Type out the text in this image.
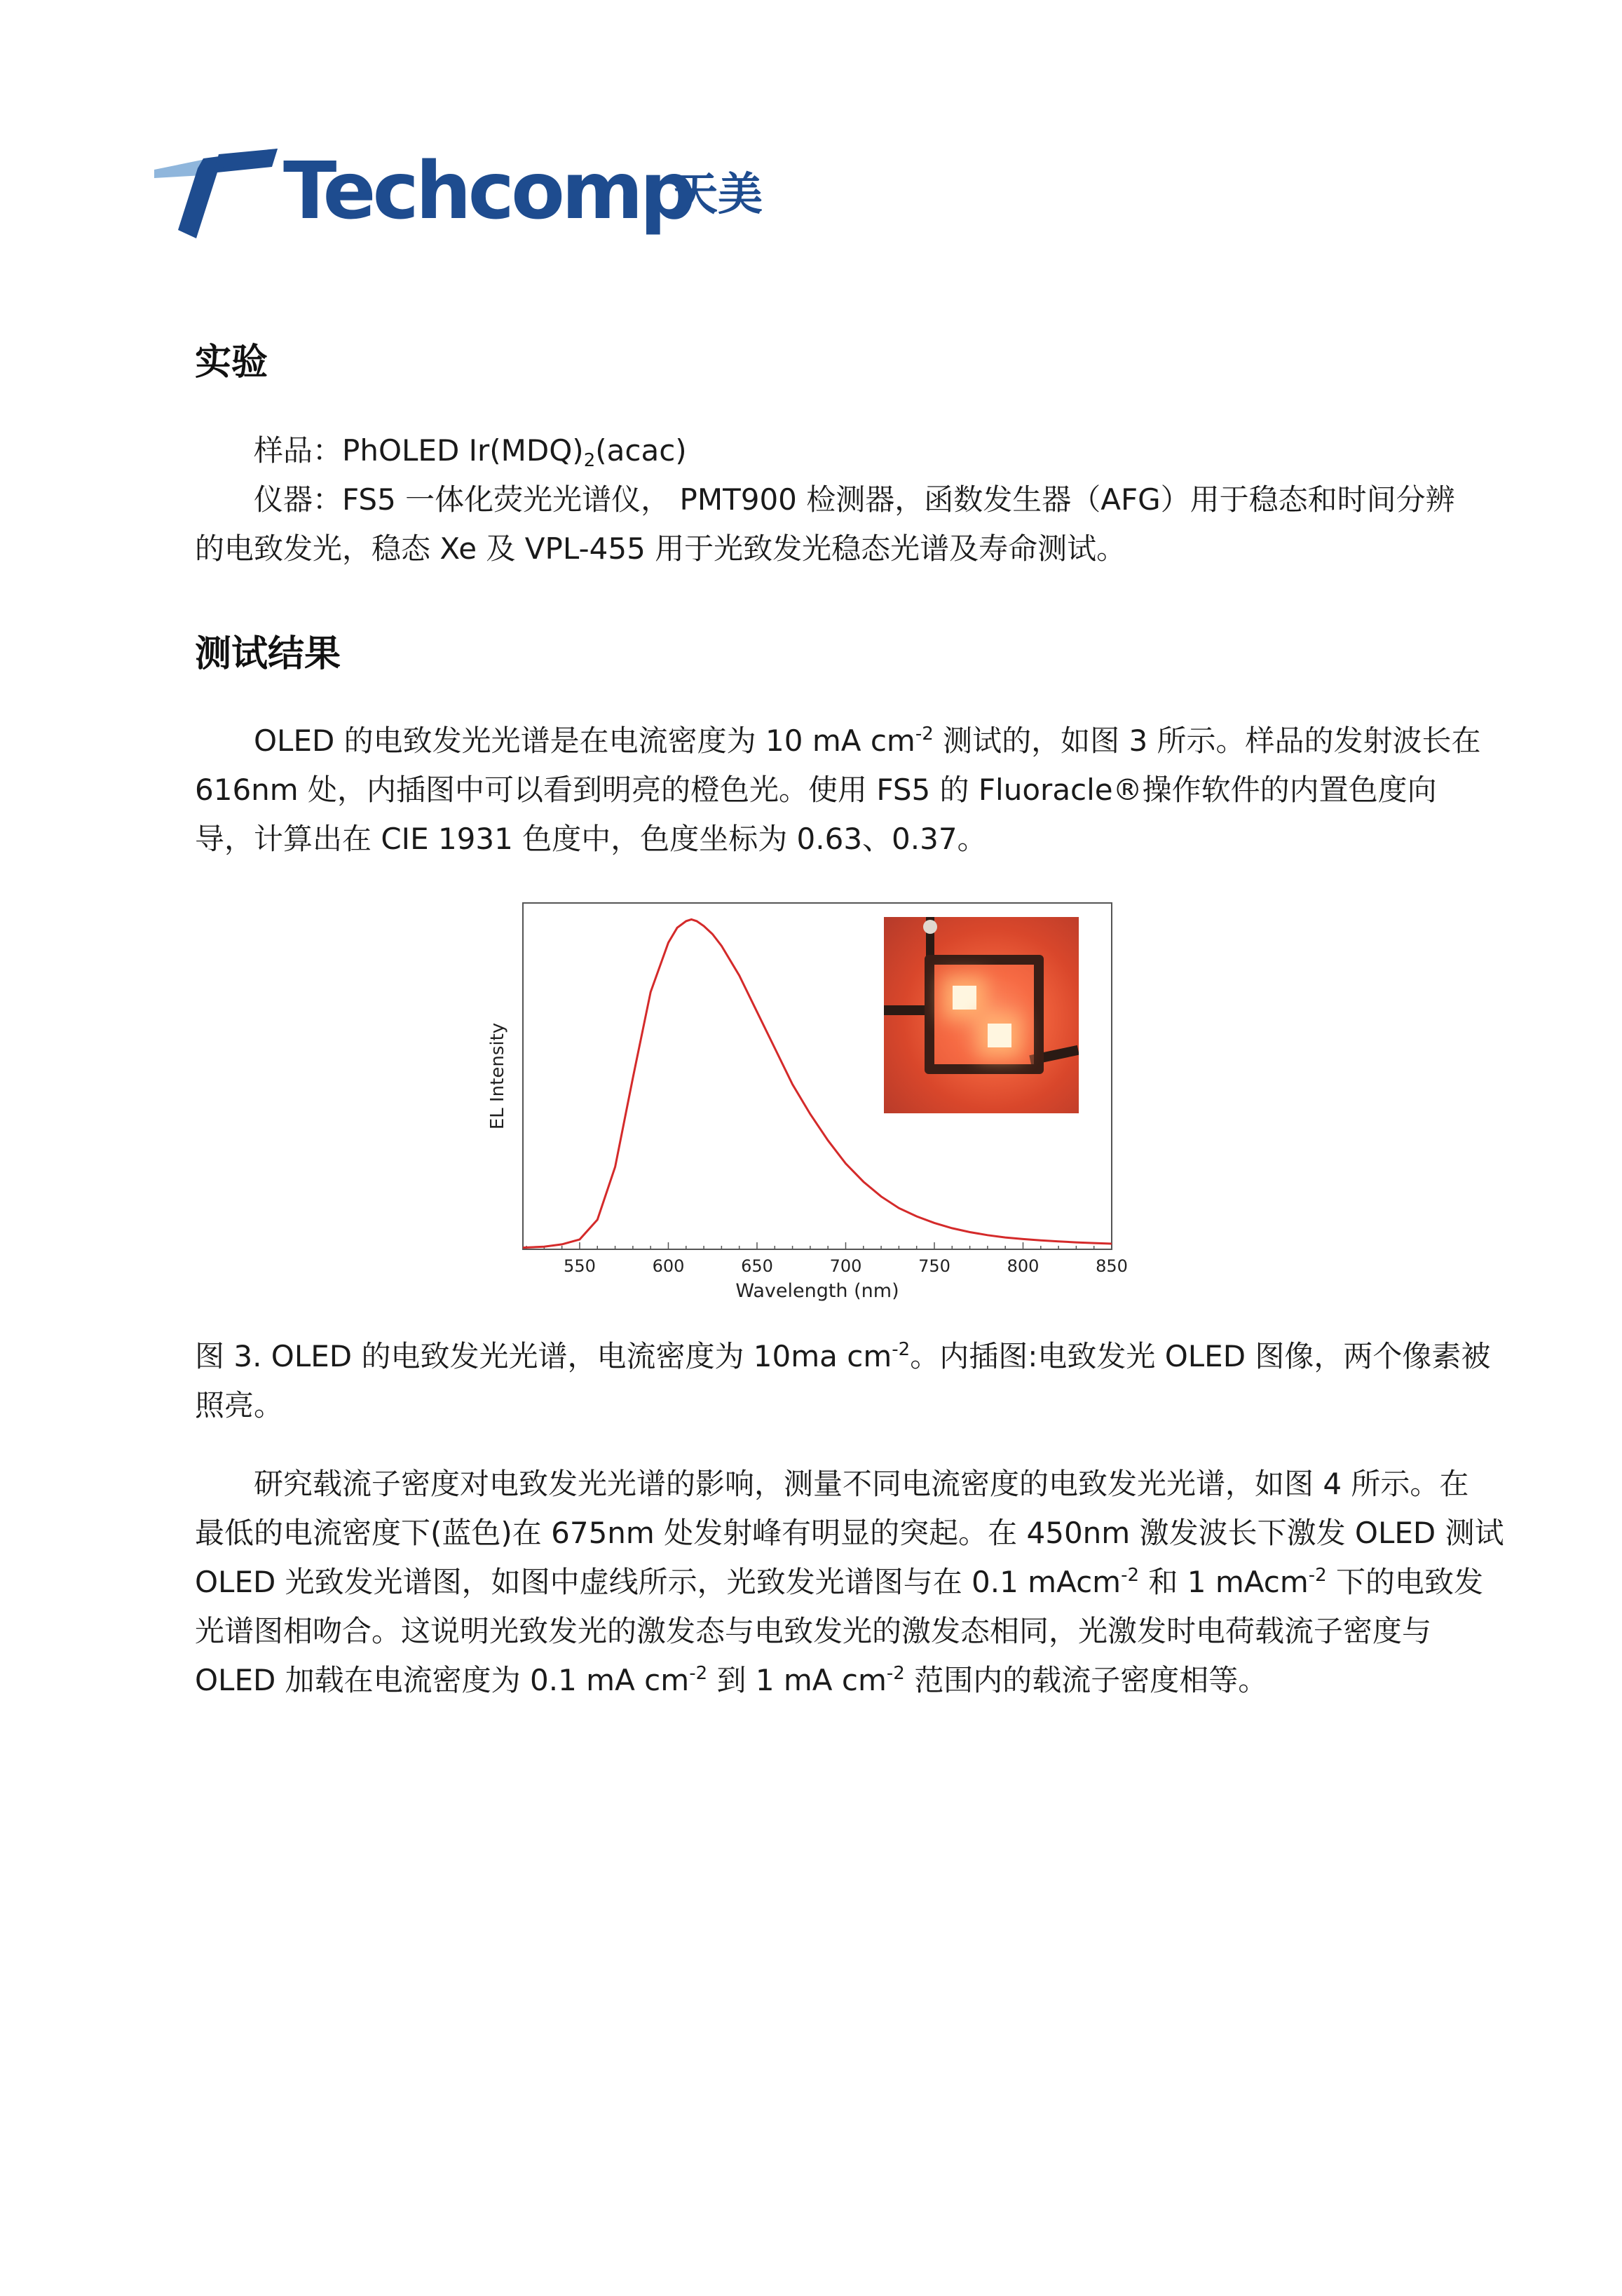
Techcomp
天美
实验

样品：PhOLED $Ir(MDQ)_2(acac)$
仪器：FS5 一体化荧光光谱仪， PMT900 检测器，函数发生器（AFG）用于稳态和时间分辨
的电致发光，稳态 Xe 及 VPL-455 用于光致发光稳态光谱及寿命测试。

测试结果

OLED 的电致发光光谱是在电流密度为 10 mA $cm^{-2}$ 测试的，如图 3 所示。样品的发射波长在
616nm 处，内插图中可以看到明亮的橙色光。使用 FS5 的 Fluoracle®操作软件的内置色度向
导，计算出在 CIE 1931 色度中，色度坐标为 0.63、0.37。

550	600	650	700	750	800	850
EL Intensity
Wavelength (nm)

图 3. OLED 的电致发光光谱，电流密度为 10ma $cm^{-2}$。内插图:电致发光 OLED 图像，两个像素被
照亮。

研究载流子密度对电致发光光谱的影响，测量不同电流密度的电致发光光谱，如图 4 所示。在
最低的电流密度下(蓝色)在 675nm 处发射峰有明显的突起。在 450nm 激发波长下激发 OLED 测试
OLED 光致发光谱图，如图中虚线所示，光致发光谱图与在 0.1 mAcm$^{-2}$ 和 1 mAcm$^{-2}$ 下的电致发
光谱图相吻合。这说明光致发光的激发态与电致发光的激发态相同，光激发时电荷载流子密度与
OLED 加载在电流密度为 0.1 mA $cm^{-2}$ 到 1 mA $cm^{-2}$ 范围内的载流子密度相等。
